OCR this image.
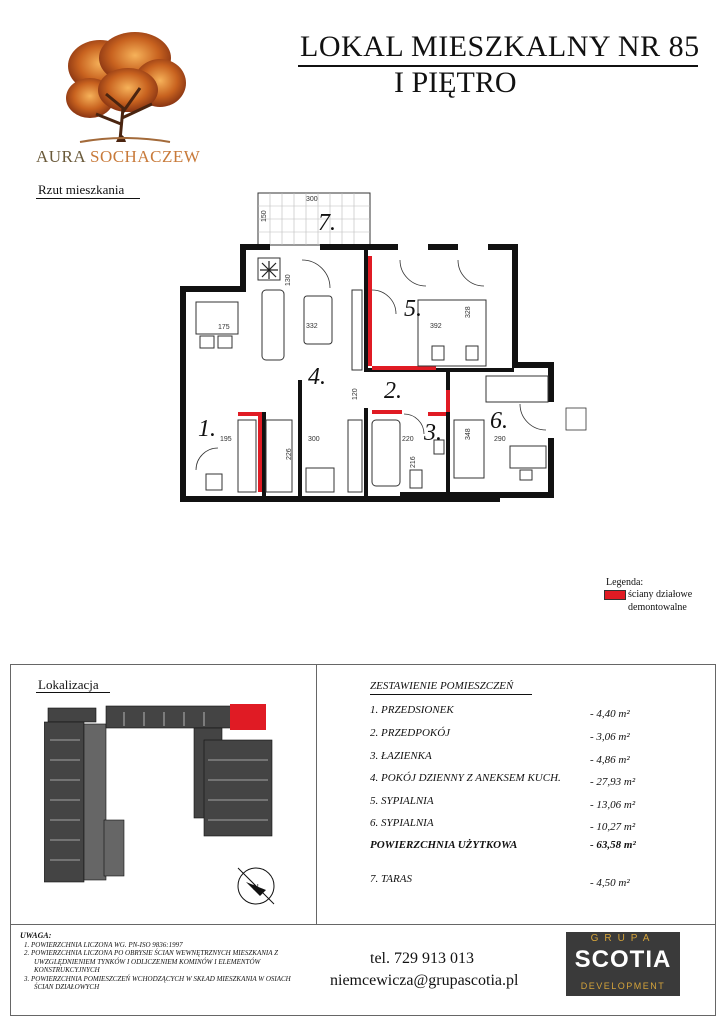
LOKAL MIESZKALNY NR 85
I PIĘTRO
AURA SOCHACZEW
Rzut mieszkania
1.
2.
3.
4.
5.
6.
7.
300
150
175	332
130
392
328
120
195	300
226
220
216
348	290
Legenda:
ściany działowe
demontowalne
Lokalizacja
N
ZESTAWIENIE POMIESZCZEŃ
1. PRZEDSIONEK	- 4,40 m²
2. PRZEDPOKÓJ	- 3,06 m²
3. ŁAZIENKA	- 4,86 m²
4. POKÓJ DZIENNY Z ANEKSEM KUCH.	- 27,93 m²
5. SYPIALNIA	- 13,06 m²
6. SYPIALNIA	- 10,27 m²
POWIERZCHNIA UŻYTKOWA	- 63,58 m²
7. TARAS	- 4,50 m²
UWAGA:
1. POWIERZCHNIA LICZONA WG. PN-ISO 9836:1997
2. POWIERZCHNIA LICZONA PO OBRYSIE ŚCIAN WEWNĘTRZNYCH MIESZKANIA Z UWZGLĘDNIENIEM TYNKÓW I ODLICZENIEM KOMINÓW I ELEMENTÓW KONSTRUKCYJNYCH
3. POWIERZCHNIA POMIESZCZEŃ WCHODZĄCYCH W SKŁAD MIESZKANIA W OSIACH ŚCIAN DZIAŁOWYCH
tel. 729 913 013
niemcewicza@grupascotia.pl
GRUPA
SCOTIA
DEVELOPMENT
